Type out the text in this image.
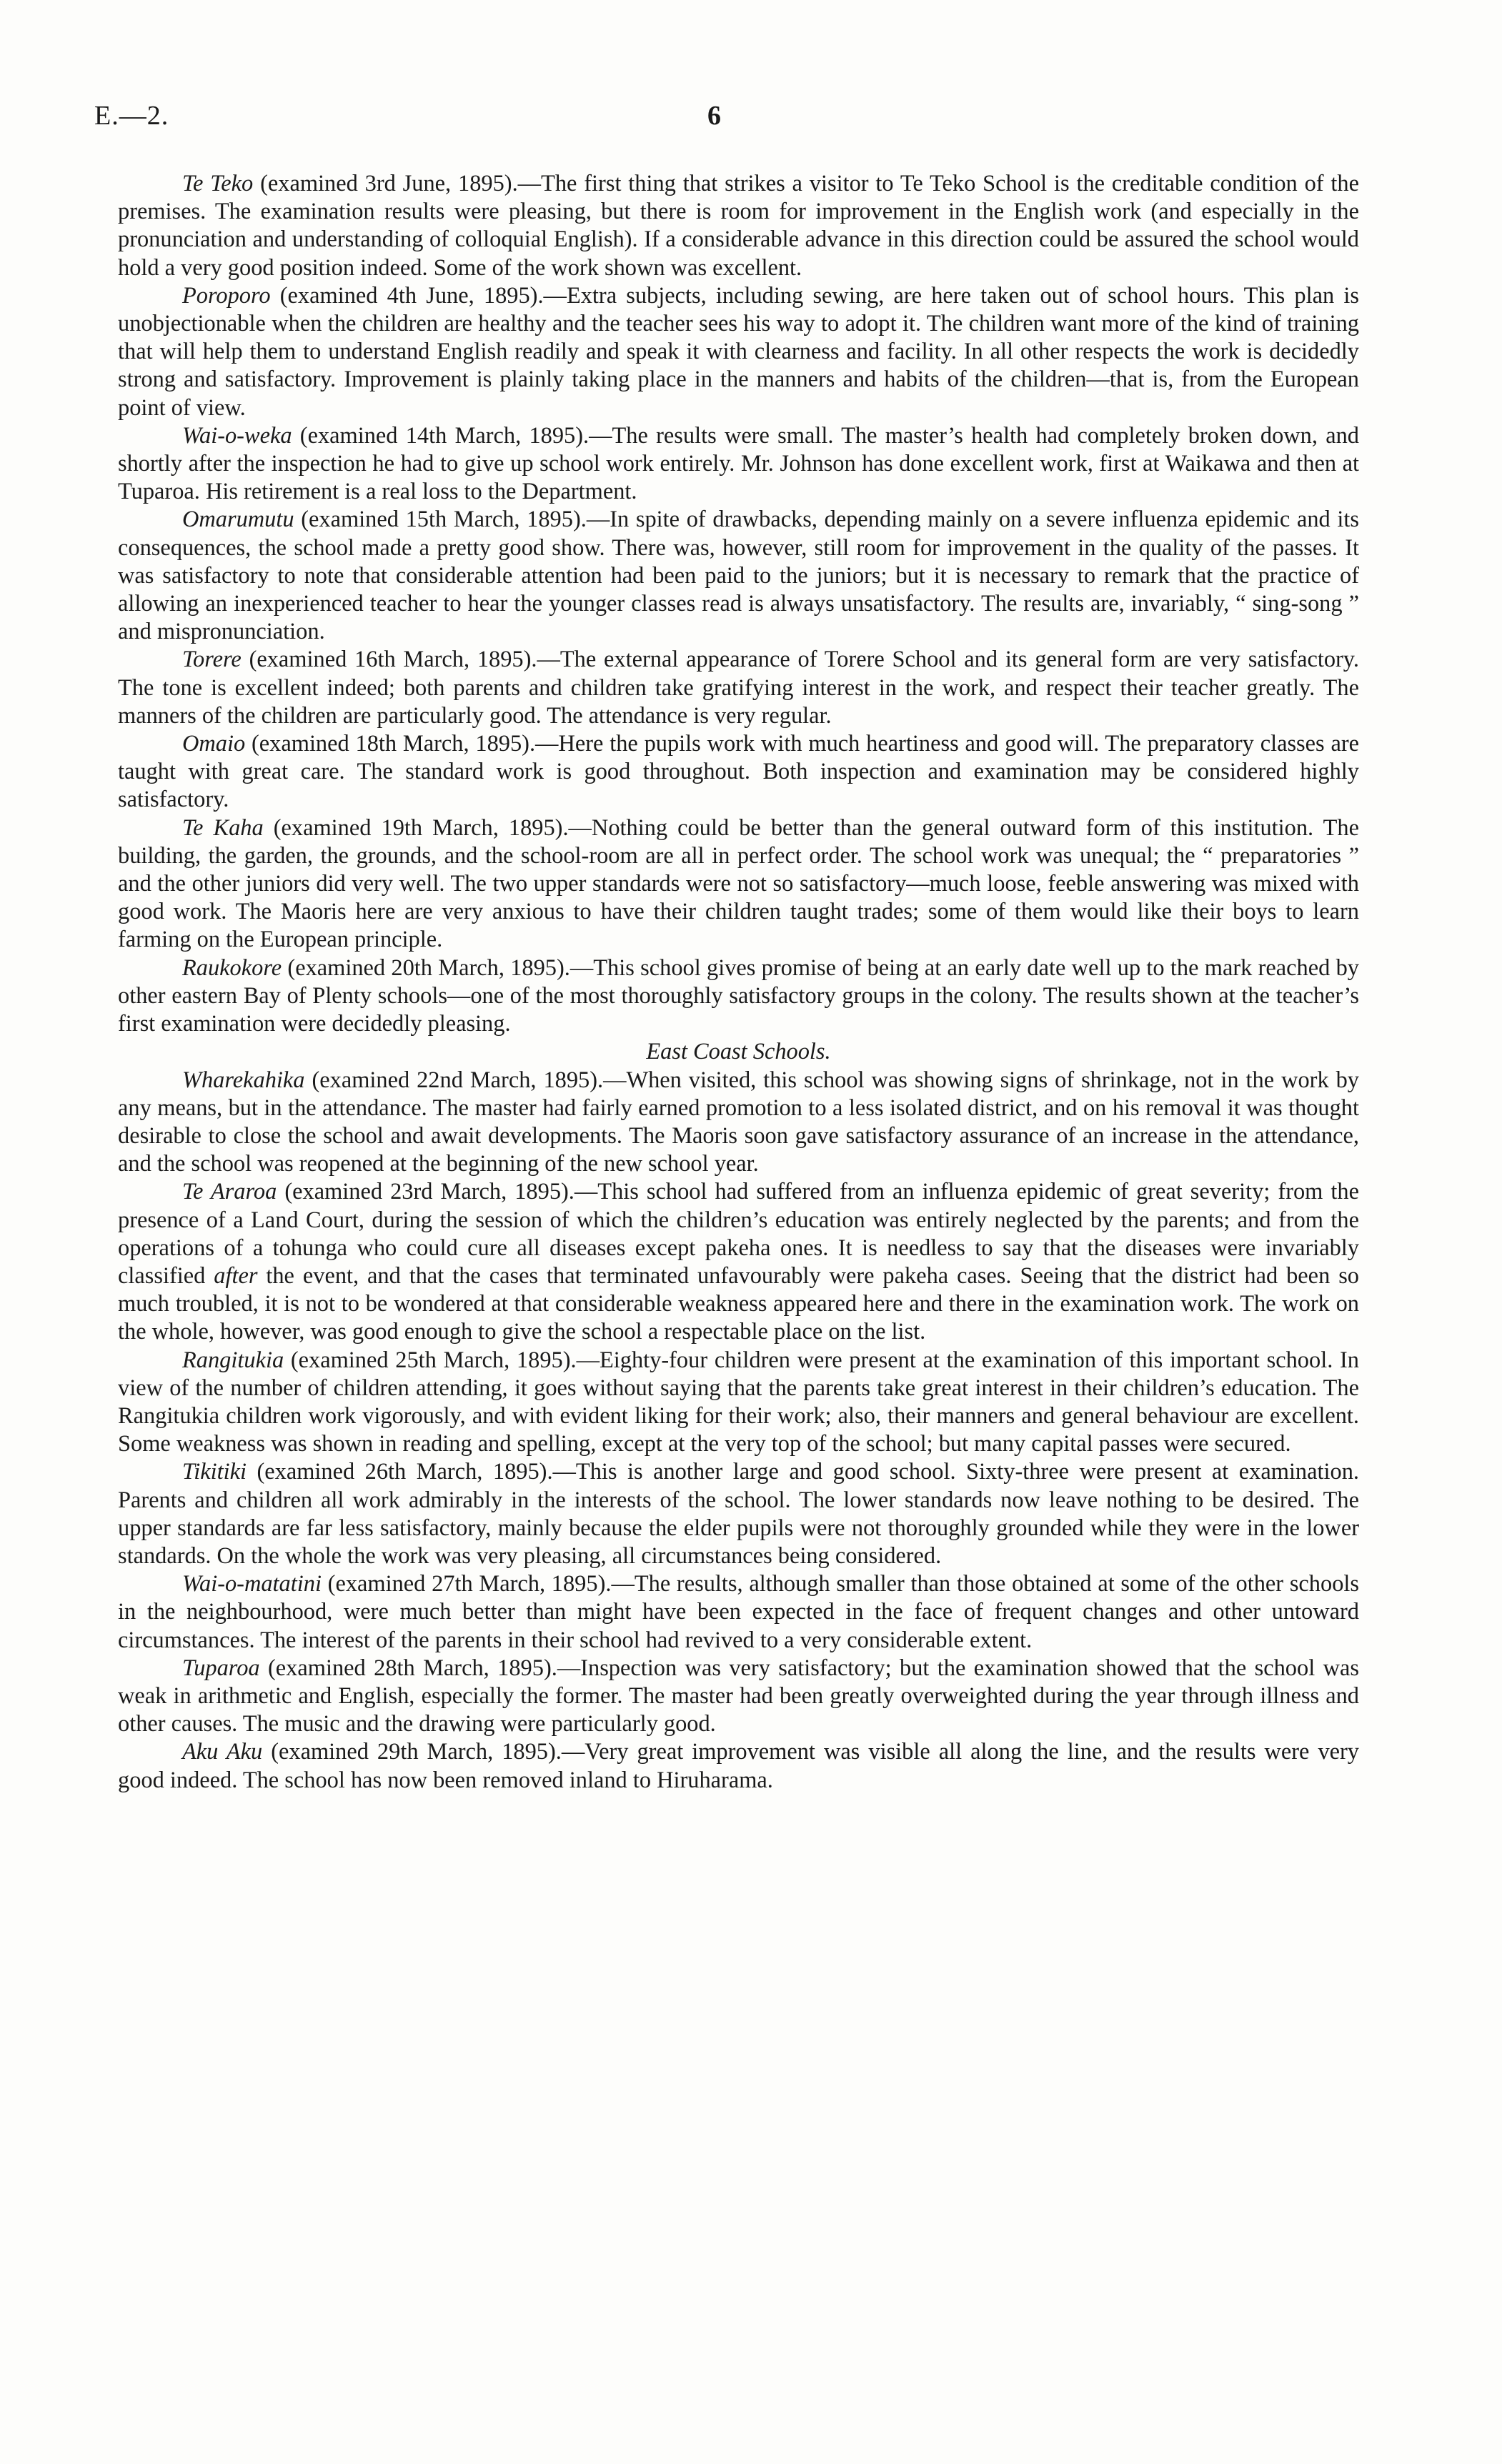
E.—2.	6

Te Teko (examined 3rd June, 1895).—The first thing that strikes a visitor to Te Teko School is the creditable condition of the premises. The examination results were pleasing, but there is room for improvement in the English work (and especially in the pronunciation and understanding of colloquial English). If a considerable advance in this direction could be assured the school would hold a very good position indeed. Some of the work shown was excellent.

Poroporo (examined 4th June, 1895).—Extra subjects, including sewing, are here taken out of school hours. This plan is unobjectionable when the children are healthy and the teacher sees his way to adopt it. The children want more of the kind of training that will help them to understand English readily and speak it with clearness and facility. In all other respects the work is decidedly strong and satisfactory. Improvement is plainly taking place in the manners and habits of the children—that is, from the European point of view.

Wai-o-weka (examined 14th March, 1895).—The results were small. The master’s health had completely broken down, and shortly after the inspection he had to give up school work entirely. Mr. Johnson has done excellent work, first at Waikawa and then at Tuparoa. His retirement is a real loss to the Department.

Omarumutu (examined 15th March, 1895).—In spite of drawbacks, depending mainly on a severe influenza epidemic and its consequences, the school made a pretty good show. There was, however, still room for improvement in the quality of the passes. It was satisfactory to note that considerable attention had been paid to the juniors; but it is necessary to remark that the practice of allowing an inexperienced teacher to hear the younger classes read is always unsatisfactory. The results are, invariably, “ sing-song ” and mispronunciation.

Torere (examined 16th March, 1895).—The external appearance of Torere School and its general form are very satisfactory. The tone is excellent indeed; both parents and children take gratifying interest in the work, and respect their teacher greatly. The manners of the children are particularly good. The attendance is very regular.

Omaio (examined 18th March, 1895).—Here the pupils work with much heartiness and good will. The preparatory classes are taught with great care. The standard work is good throughout. Both inspection and examination may be considered highly satisfactory.

Te Kaha (examined 19th March, 1895).—Nothing could be better than the general outward form of this institution. The building, the garden, the grounds, and the school-room are all in perfect order. The school work was unequal; the “ preparatories ” and the other juniors did very well. The two upper standards were not so satisfactory—much loose, feeble answering was mixed with good work. The Maoris here are very anxious to have their children taught trades; some of them would like their boys to learn farming on the European principle.

Raukokore (examined 20th March, 1895).—This school gives promise of being at an early date well up to the mark reached by other eastern Bay of Plenty schools—one of the most thoroughly satisfactory groups in the colony. The results shown at the teacher’s first examination were decidedly pleasing.

East Coast Schools.

Wharekahika (examined 22nd March, 1895).—When visited, this school was showing signs of shrinkage, not in the work by any means, but in the attendance. The master had fairly earned promotion to a less isolated district, and on his removal it was thought desirable to close the school and await developments. The Maoris soon gave satisfactory assurance of an increase in the attendance, and the school was reopened at the beginning of the new school year.

Te Araroa (examined 23rd March, 1895).—This school had suffered from an influenza epidemic of great severity; from the presence of a Land Court, during the session of which the children’s education was entirely neglected by the parents; and from the operations of a tohunga who could cure all diseases except pakeha ones. It is needless to say that the diseases were invariably classified after the event, and that the cases that terminated unfavourably were pakeha cases. Seeing that the district had been so much troubled, it is not to be wondered at that considerable weakness appeared here and there in the examination work. The work on the whole, however, was good enough to give the school a respectable place on the list.

Rangitukia (examined 25th March, 1895).—Eighty-four children were present at the examination of this important school. In view of the number of children attending, it goes without saying that the parents take great interest in their children’s education. The Rangitukia children work vigorously, and with evident liking for their work; also, their manners and general behaviour are excellent. Some weakness was shown in reading and spelling, except at the very top of the school; but many capital passes were secured.

Tikitiki (examined 26th March, 1895).—This is another large and good school. Sixty-three were present at examination. Parents and children all work admirably in the interests of the school. The lower standards now leave nothing to be desired. The upper standards are far less satisfactory, mainly because the elder pupils were not thoroughly grounded while they were in the lower standards. On the whole the work was very pleasing, all circumstances being considered.

Wai-o-matatini (examined 27th March, 1895).—The results, although smaller than those obtained at some of the other schools in the neighbourhood, were much better than might have been expected in the face of frequent changes and other untoward circumstances. The interest of the parents in their school had revived to a very considerable extent.

Tuparoa (examined 28th March, 1895).—Inspection was very satisfactory; but the examination showed that the school was weak in arithmetic and English, especially the former. The master had been greatly overweighted during the year through illness and other causes. The music and the drawing were particularly good.

Aku Aku (examined 29th March, 1895).—Very great improvement was visible all along the line, and the results were very good indeed. The school has now been removed inland to Hiruharama.
